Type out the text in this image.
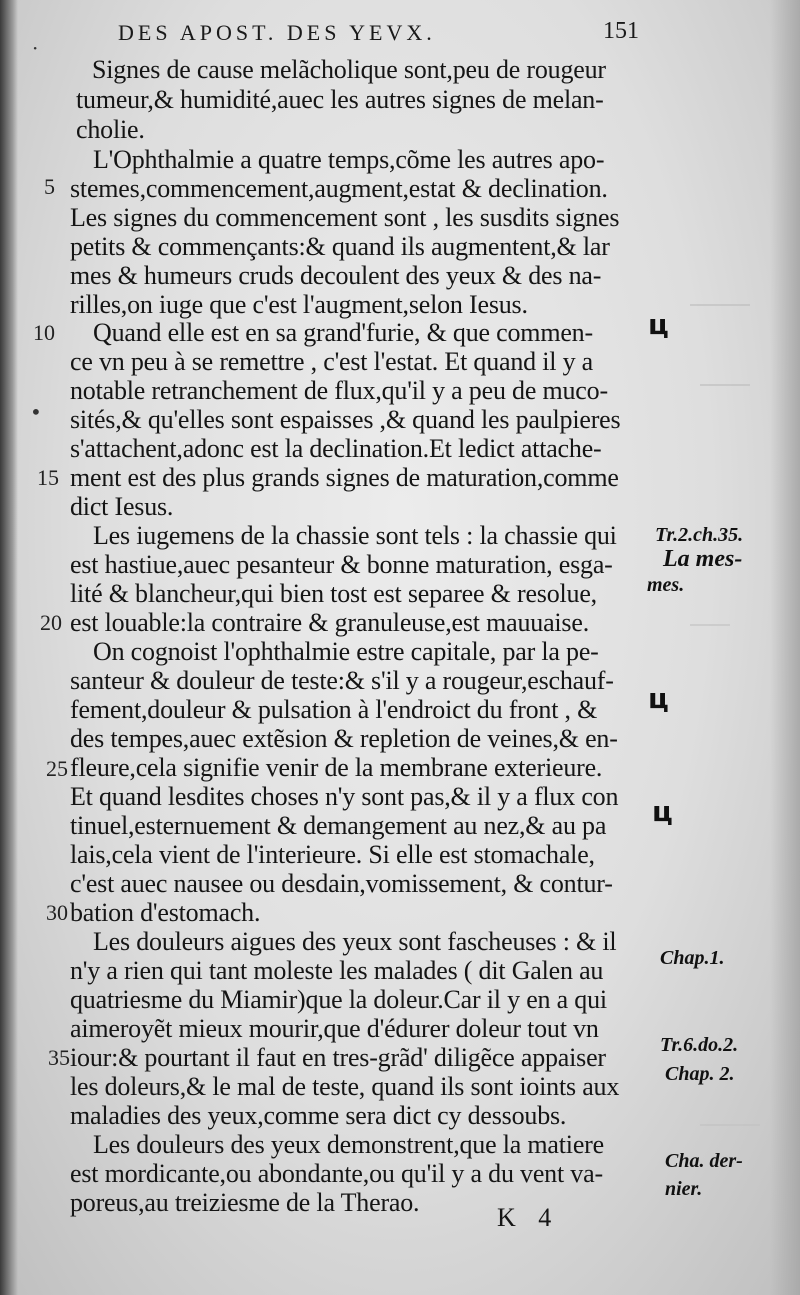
DES APOST. DES YEVX.	151
Signes de cause melãcholique sont,peu de rougeur
tumeur,& humidité,auec les autres signes de melan-
cholie.
L'Ophthalmie a quatre temps,cõme les autres apo-
stemes,commencement,augment,estat & declination.
Les signes du commencement sont , les susdits signes
petits & commençants:& quand ils augmentent,& lar
mes & humeurs cruds decoulent des yeux & des na-
rilles,on iuge que c'est l'augment,selon Iesus.
Quand elle est en sa grand'furie, & que commen-
ce vn peu à se remettre , c'est l'estat. Et quand il y a
notable retranchement de flux,qu'il y a peu de muco-
sités,& qu'elles sont espaisses ,& quand les paulpieres
s'attachent,adonc est la declination.Et ledict attache-
ment est des plus grands signes de maturation,comme
dict Iesus.
Les iugemens de la chassie sont tels : la chassie qui
est hastiue,auec pesanteur & bonne maturation, esga-
lité & blancheur,qui bien tost est separee & resolue,
est louable:la contraire & granuleuse,est mauuaise.
On cognoist l'ophthalmie estre capitale, par la pe-
santeur & douleur de teste:& s'il y a rougeur,eschauf-
fement,douleur & pulsation à l'endroict du front , &
des tempes,auec extẽsion & repletion de veines,& en-
fleure,cela signifie venir de la membrane exterieure.
Et quand lesdites choses n'y sont pas,& il y a flux con
tinuel,esternuement & demangement au nez,& au pa
lais,cela vient de l'interieure. Si elle est stomachale,
c'est auec nausee ou desdain,vomissement, & contur-
bation d'estomach.
Les douleurs aigues des yeux sont fascheuses : & il
n'y a rien qui tant moleste les malades ( dit Galen au
quatriesme du Miamir)que la doleur.Car il y en a qui
aimeroyẽt mieux mourir,que d'édurer doleur tout vn
iour:& pourtant il faut en tres-grãd' diligẽce appaiser
les doleurs,& le mal de teste, quand ils sont ioints aux
maladies des yeux,comme sera dict cy dessoubs.
Les douleurs des yeux demonstrent,que la matiere
est mordicante,ou abondante,ou qu'il y a du vent va-
poreus,au treiziesme de la Therao.
5
10
15
20
25
30
35
•
·
Tr.2.ch.35.
La mes-
mes.
Chap.1.
Tr.6.do.2.
Chap. 2.
Cha. der-
nier.
ц
ц
ц
K 4
